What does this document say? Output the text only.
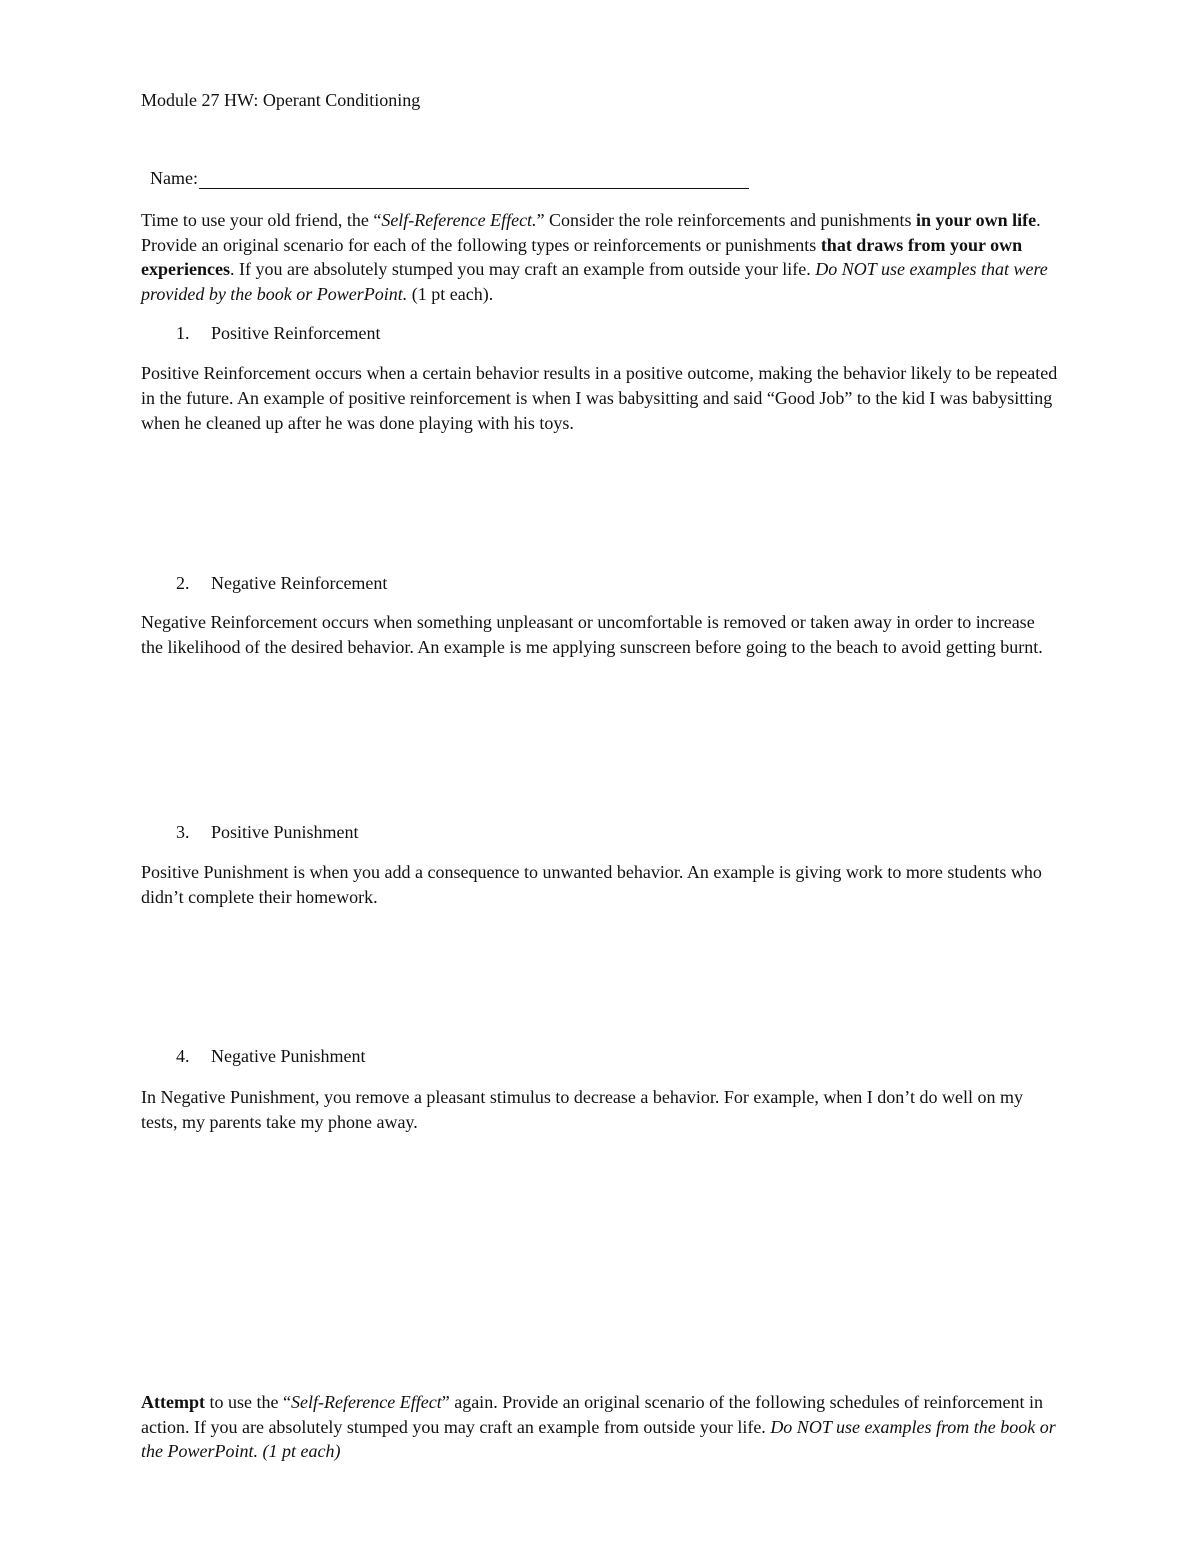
Module 27 HW: Operant Conditioning
Name:
Time to use your old friend, the “Self-Reference Effect.” Consider the role reinforcements and punishments in your own life. Provide an original scenario for each of the following types or reinforcements or punishments that draws from your own experiences. If you are absolutely stumped you may craft an example from outside your life. Do NOT use examples that were provided by the book or PowerPoint. (1 pt each).
1. Positive Reinforcement
Positive Reinforcement occurs when a certain behavior results in a positive outcome, making the behavior likely to be repeated in the future. An example of positive reinforcement is when I was babysitting and said “Good Job” to the kid I was babysitting when he cleaned up after he was done playing with his toys.
2. Negative Reinforcement
Negative Reinforcement occurs when something unpleasant or uncomfortable is removed or taken away in order to increase the likelihood of the desired behavior. An example is me applying sunscreen before going to the beach to avoid getting burnt.
3. Positive Punishment
Positive Punishment is when you add a consequence to unwanted behavior. An example is giving work to more students who didn’t complete their homework.
4. Negative Punishment
In Negative Punishment, you remove a pleasant stimulus to decrease a behavior. For example, when I don’t do well on my tests, my parents take my phone away.
Attempt to use the “Self-Reference Effect” again. Provide an original scenario of the following schedules of reinforcement in action. If you are absolutely stumped you may craft an example from outside your life. Do NOT use examples from the book or the PowerPoint. (1 pt each)
